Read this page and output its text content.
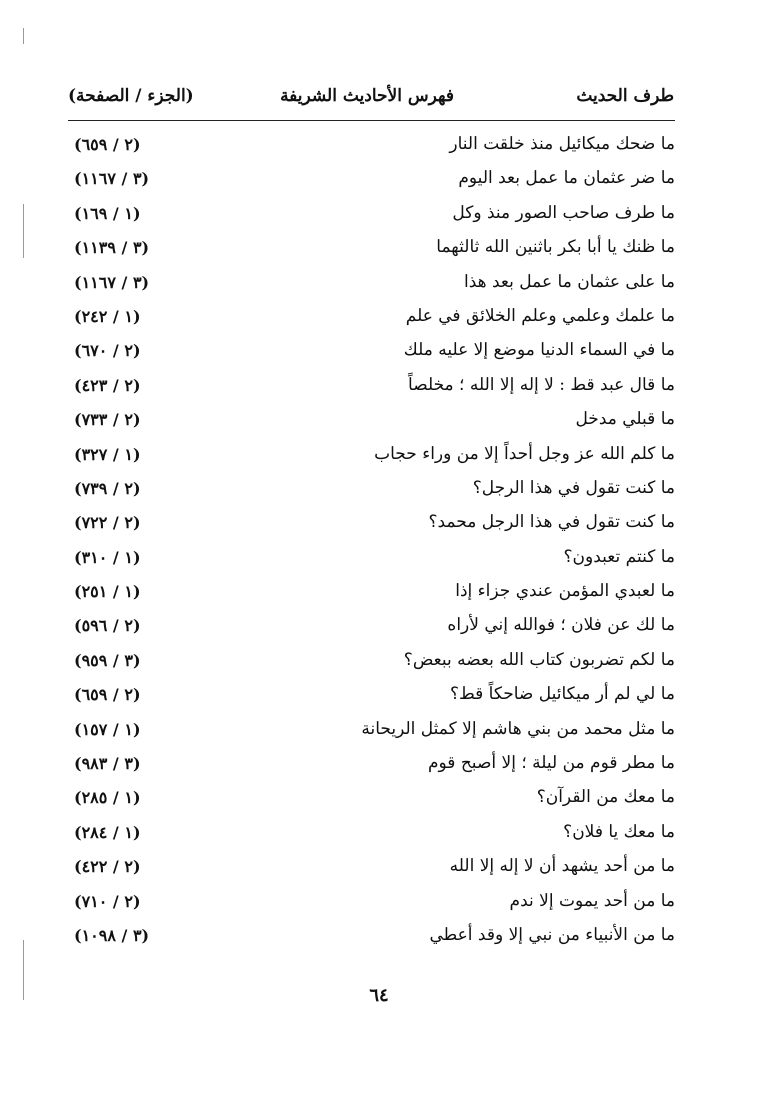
طرف الحديث
فهرس الأحاديث الشريفة
(الجزء / الصفحة)
ما ضحك ميكائيل منذ خلقت النار
(٢ / ٦٥٩)
ما ضر عثمان ما عمل بعد اليوم
(٣ / ١١٦٧)
ما طرف صاحب الصور منذ وكل
(١ / ١٦٩)
ما ظنك يا أبا بكر باثنين الله ثالثهما
(٣ / ١١٣٩)
ما على عثمان ما عمل بعد هذا
(٣ / ١١٦٧)
ما علمك وعلمي وعلم الخلائق في علم
(١ / ٢٤٢)
ما في السماء الدنيا موضع إلا عليه ملك
(٢ / ٦٧٠)
ما قال عبد قط : لا إله إلا الله ؛ مخلصاً
(٢ / ٤٢٣)
ما قبلي مدخل
(٢ / ٧٣٣)
ما كلم الله عز وجل أحداً إلا من وراء حجاب
(١ / ٣٢٧)
ما كنت تقول في هذا الرجل؟
(٢ / ٧٣٩)
ما كنت تقول في هذا الرجل محمد؟
(٢ / ٧٢٢)
ما كنتم تعبدون؟
(١ / ٣١٠)
ما لعبدي المؤمن عندي جزاء إذا
(١ / ٢٥١)
ما لك عن فلان ؛ فوالله إني لأراه
(٢ / ٥٩٦)
ما لكم تضربون كتاب الله بعضه ببعض؟
(٣ / ٩٥٩)
ما لي لم أر ميكائيل ضاحكاً قط؟
(٢ / ٦٥٩)
ما مثل محمد من بني هاشم إلا كمثل الريحانة
(١ / ١٥٧)
ما مطر قوم من ليلة ؛ إلا أصبح قوم
(٣ / ٩٨٣)
ما معك من القرآن؟
(١ / ٢٨٥)
ما معك يا فلان؟
(١ / ٢٨٤)
ما من أحد يشهد أن لا إله إلا الله
(٢ / ٤٢٢)
ما من أحد يموت إلا ندم
(٢ / ٧١٠)
ما من الأنبياء من نبي إلا وقد أعطي
(٣ / ١٠٩٨)
٦٤
